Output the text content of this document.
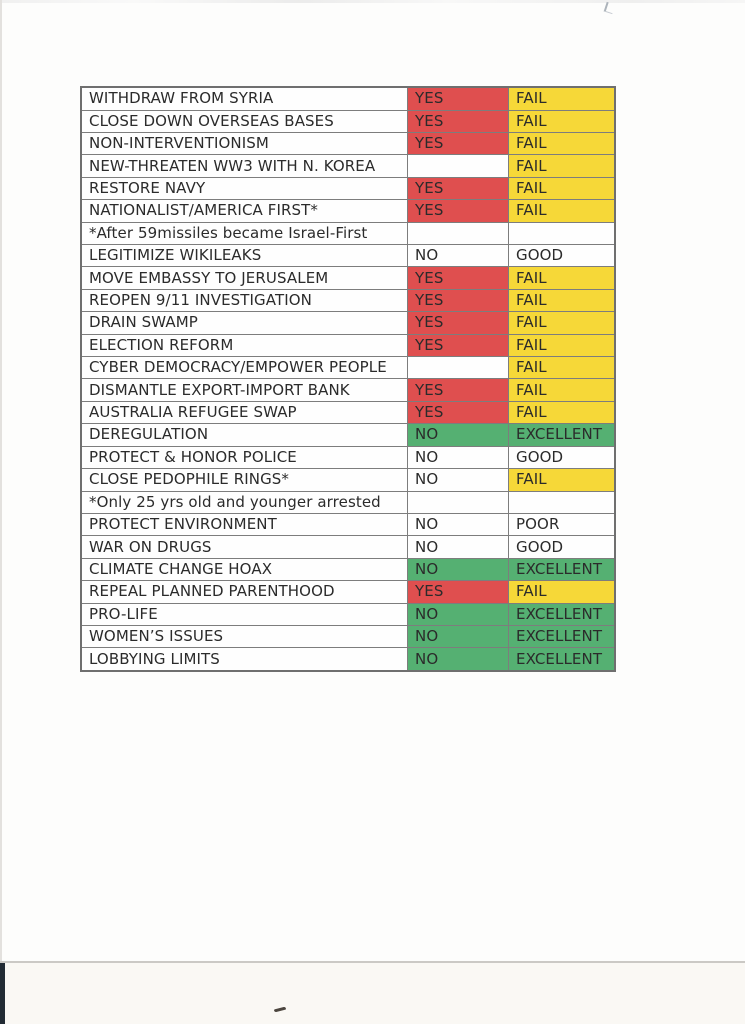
WITHDRAW FROM SYRIA	YES	FAIL
CLOSE DOWN OVERSEAS BASES	YES	FAIL
NON-INTERVENTIONISM	YES	FAIL
NEW-THREATEN WW3 WITH N. KOREA		FAIL
RESTORE NAVY	YES	FAIL
NATIONALIST/AMERICA FIRST*	YES	FAIL
*After 59missiles became Israel-First		
LEGITIMIZE WIKILEAKS	NO	GOOD
MOVE EMBASSY TO JERUSALEM	YES	FAIL
REOPEN 9/11 INVESTIGATION	YES	FAIL
DRAIN SWAMP	YES	FAIL
ELECTION REFORM	YES	FAIL
CYBER DEMOCRACY/EMPOWER PEOPLE		FAIL
DISMANTLE EXPORT-IMPORT BANK	YES	FAIL
AUSTRALIA REFUGEE SWAP	YES	FAIL
DEREGULATION	NO	EXCELLENT
PROTECT & HONOR POLICE	NO	GOOD
CLOSE PEDOPHILE RINGS*	NO	FAIL
*Only 25 yrs old and younger arrested		
PROTECT ENVIRONMENT	NO	POOR
WAR ON DRUGS	NO	GOOD
CLIMATE CHANGE HOAX	NO	EXCELLENT
REPEAL PLANNED PARENTHOOD	YES	FAIL
PRO-LIFE	NO	EXCELLENT
WOMEN’S ISSUES	NO	EXCELLENT
LOBBYING LIMITS	NO	EXCELLENT
